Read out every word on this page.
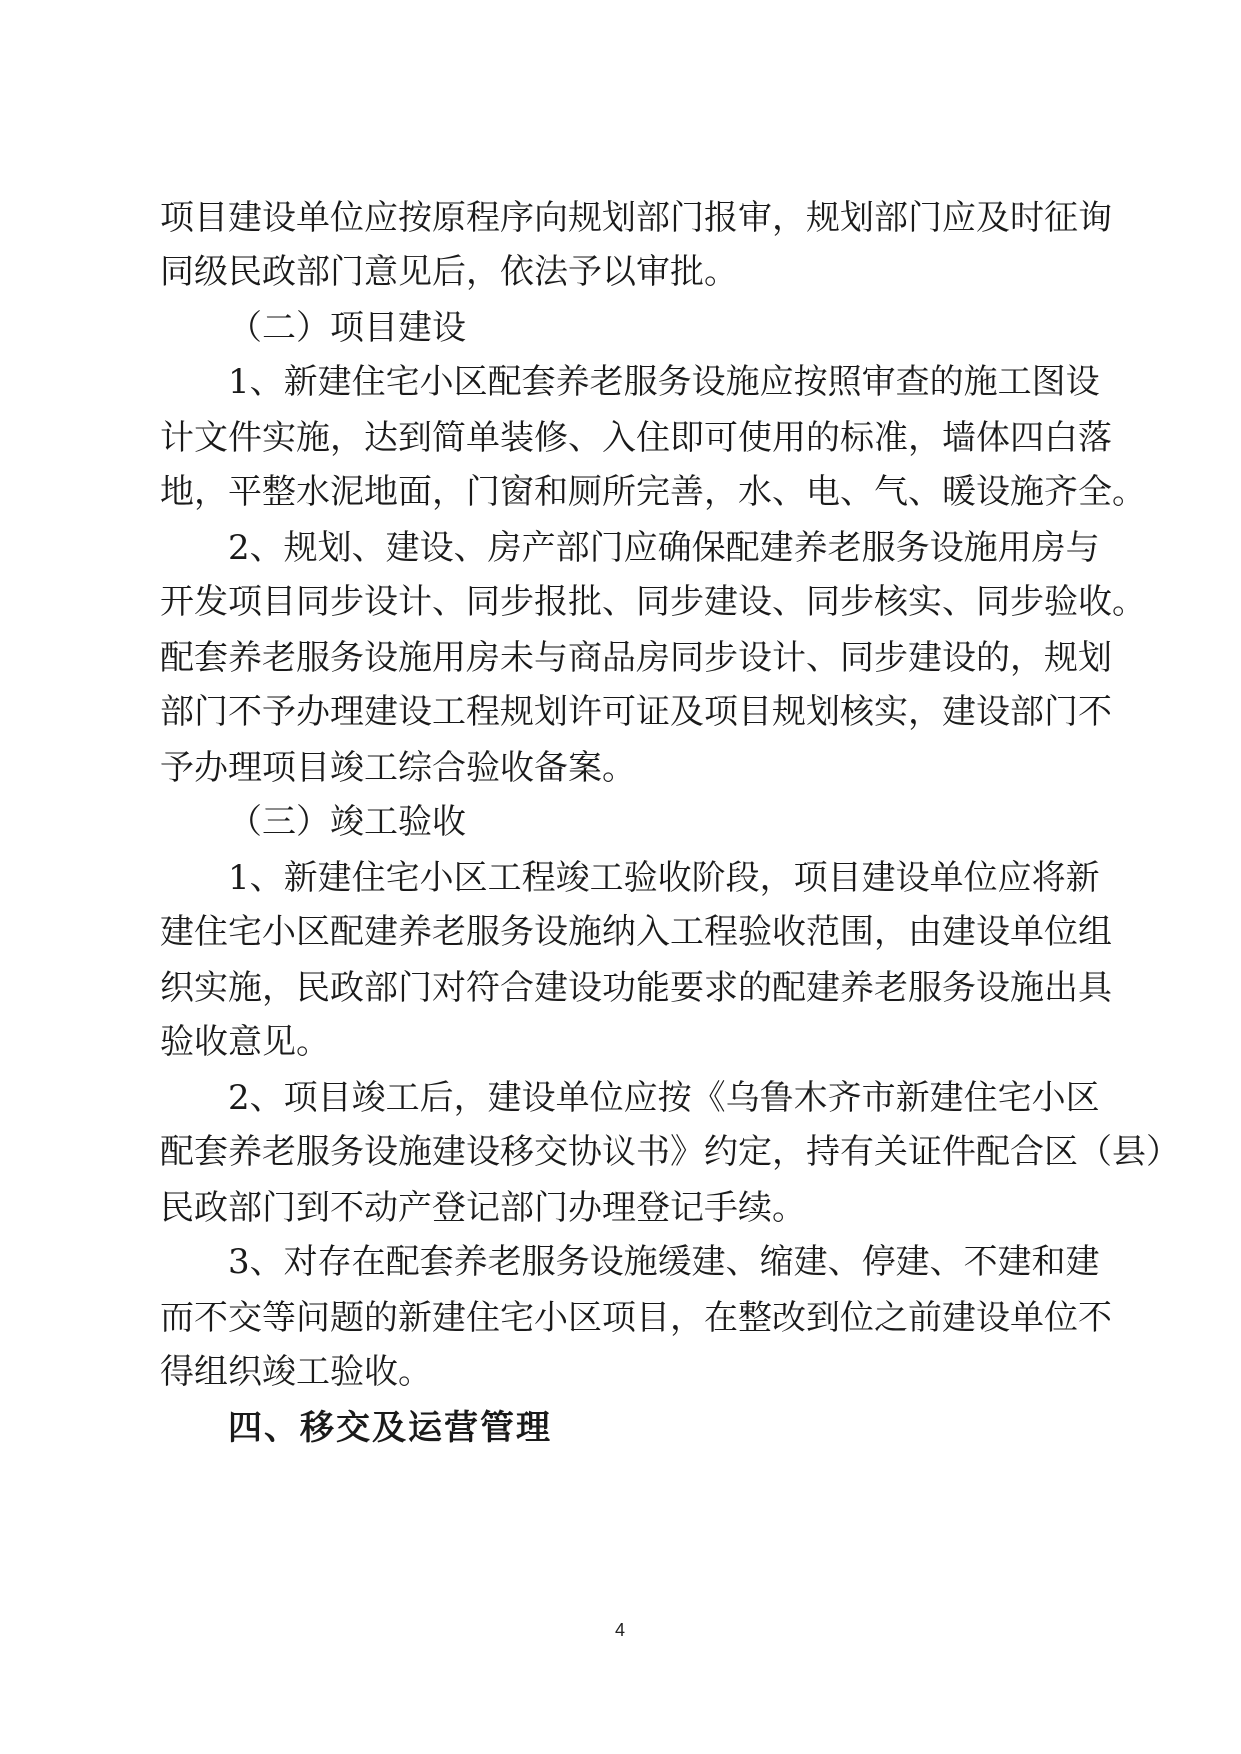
项目建设单位应按原程序向规划部门报审，规划部门应及时征询
同级民政部门意见后，依法予以审批。
（二）项目建设
1、新建住宅小区配套养老服务设施应按照审查的施工图设
计文件实施，达到简单装修、入住即可使用的标准，墙体四白落
地，平整水泥地面，门窗和厕所完善，水、电、气、暖设施齐全。
2、规划、建设、房产部门应确保配建养老服务设施用房与
开发项目同步设计、同步报批、同步建设、同步核实、同步验收。
配套养老服务设施用房未与商品房同步设计、同步建设的，规划
部门不予办理建设工程规划许可证及项目规划核实，建设部门不
予办理项目竣工综合验收备案。
（三）竣工验收
1、新建住宅小区工程竣工验收阶段，项目建设单位应将新
建住宅小区配建养老服务设施纳入工程验收范围，由建设单位组
织实施，民政部门对符合建设功能要求的配建养老服务设施出具
验收意见。
2、项目竣工后，建设单位应按《乌鲁木齐市新建住宅小区
配套养老服务设施建设移交协议书》约定，持有关证件配合区（县）
民政部门到不动产登记部门办理登记手续。
3、对存在配套养老服务设施缓建、缩建、停建、不建和建
而不交等问题的新建住宅小区项目，在整改到位之前建设单位不
得组织竣工验收。
四、移交及运营管理
4
